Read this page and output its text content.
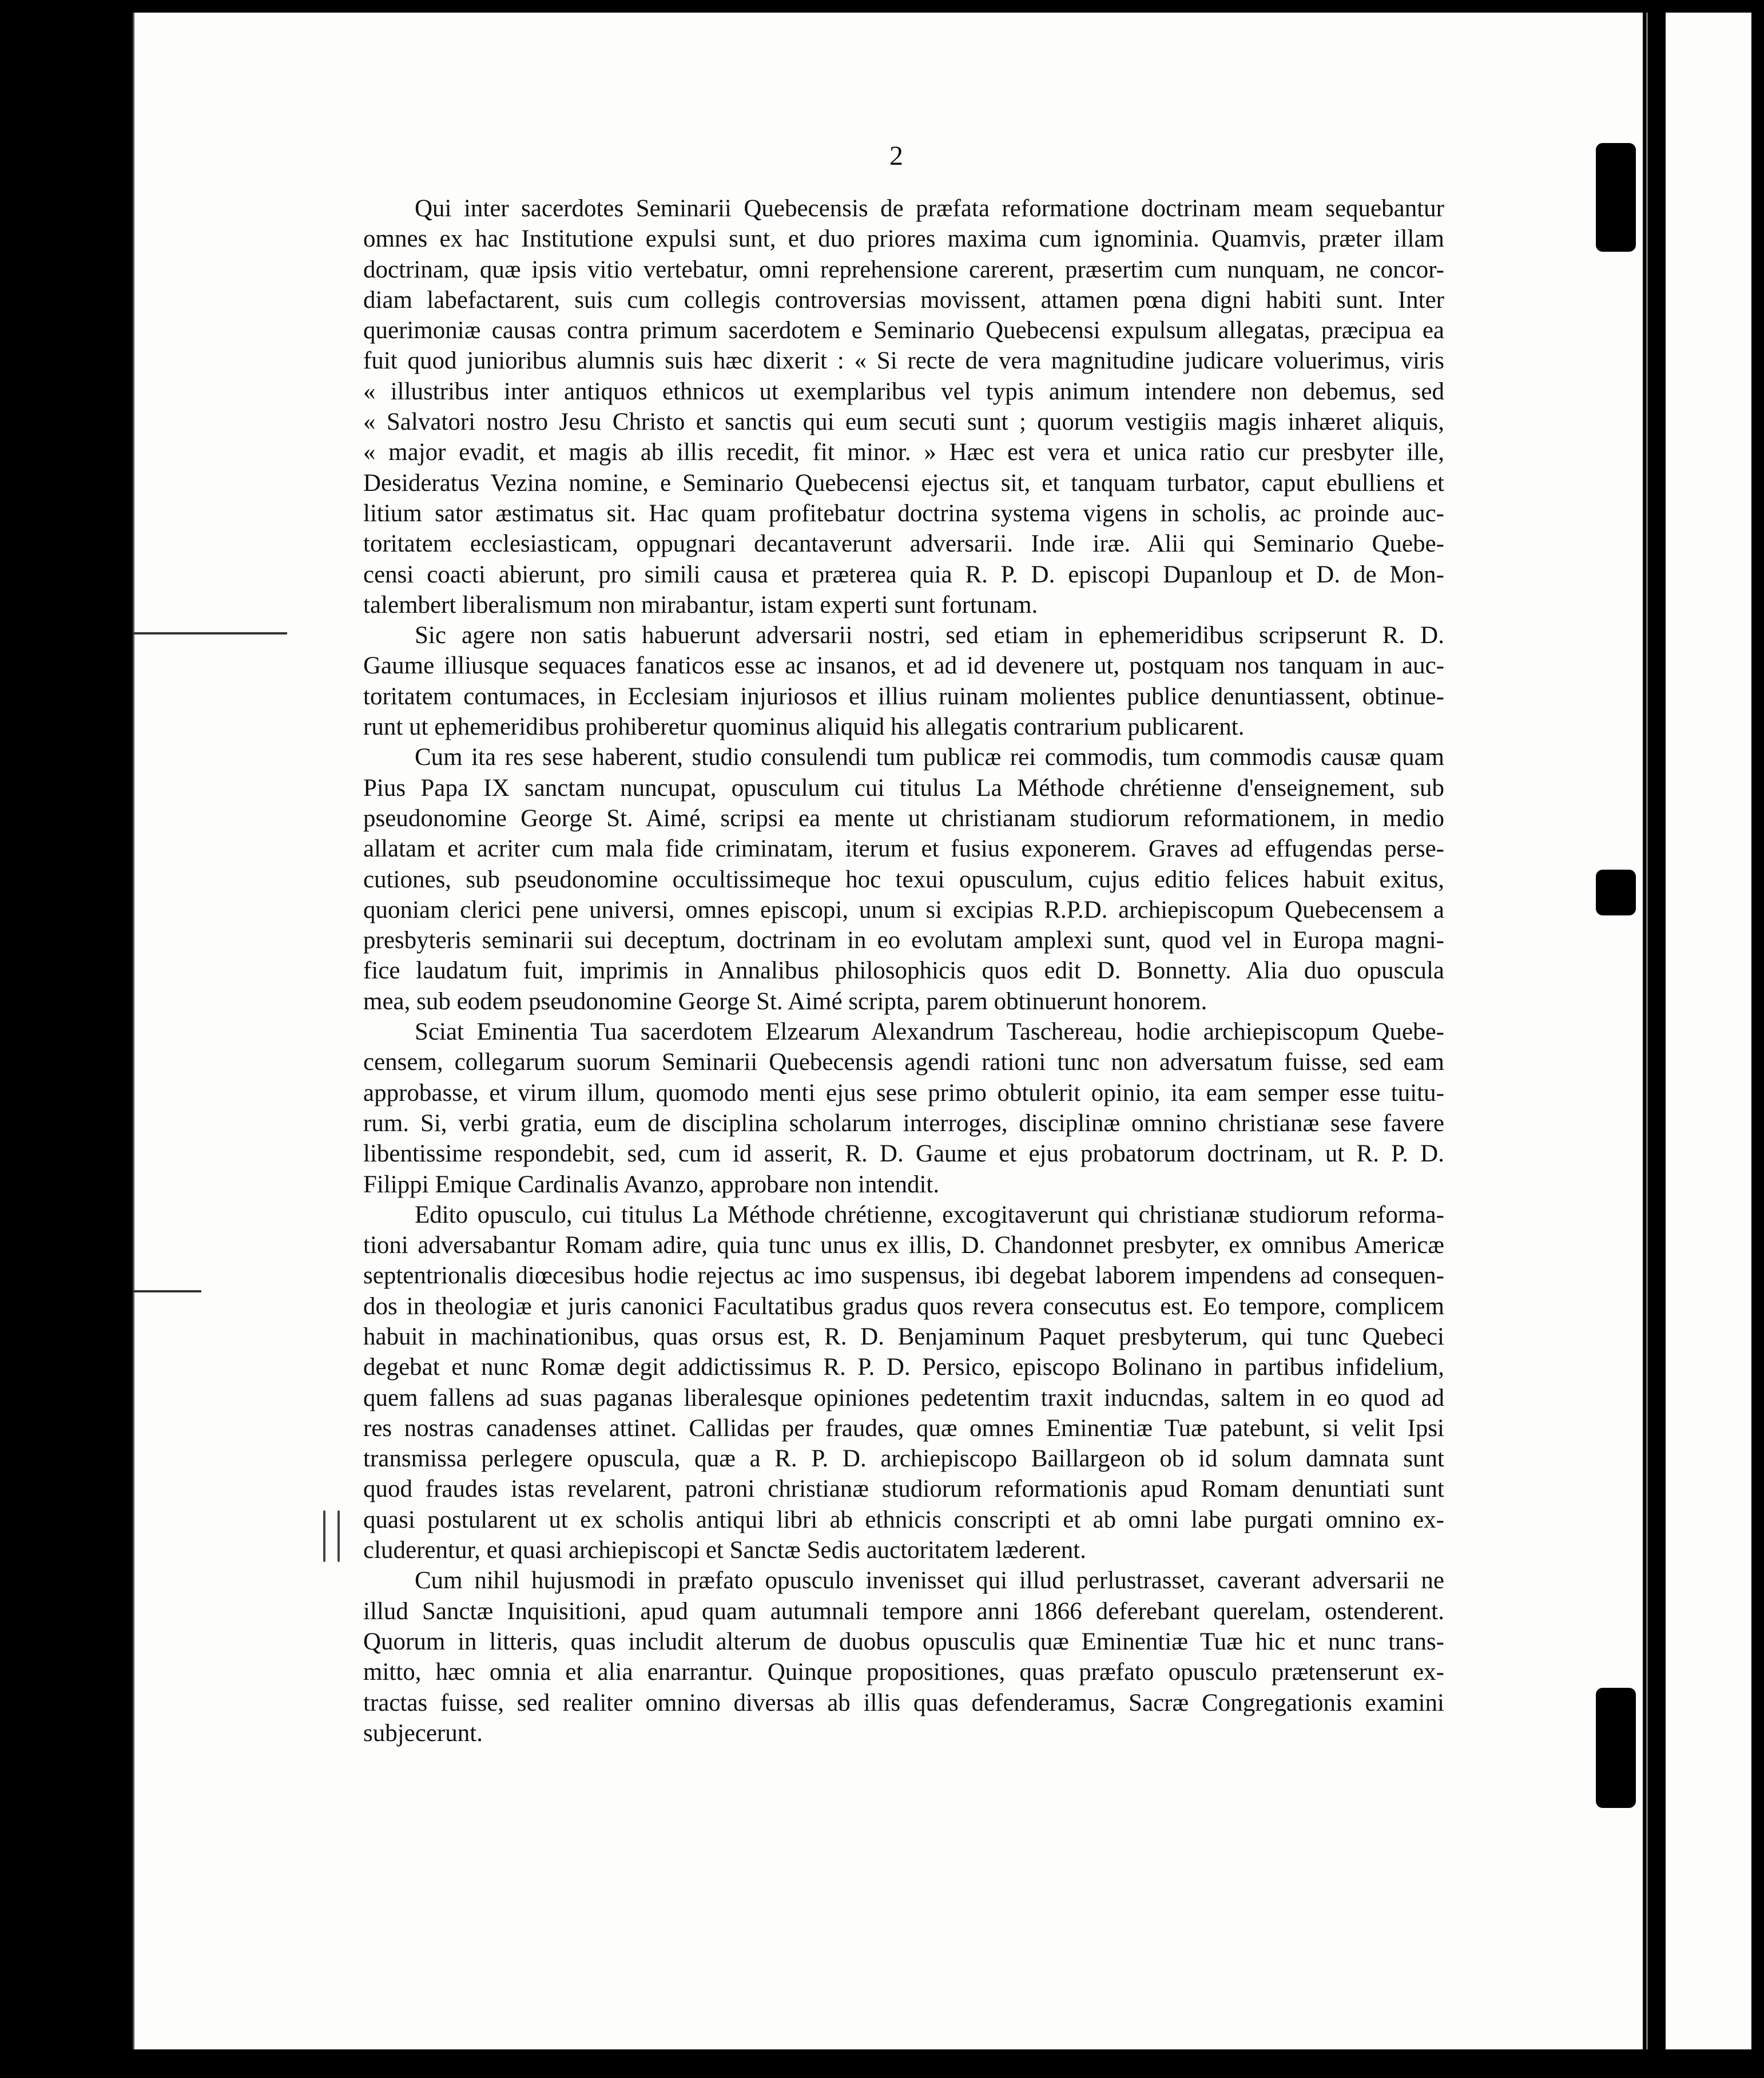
2
Qui inter sacerdotes Seminarii Quebecensis de præfata reformatione doctrinam meam sequebantur
omnes ex hac Institutione expulsi sunt, et duo priores maxima cum ignominia. Quamvis, præter illam
doctrinam, quæ ipsis vitio vertebatur, omni reprehensione carerent, præsertim cum nunquam, ne concor-
diam labefactarent, suis cum collegis controversias movissent, attamen pœna digni habiti sunt. Inter
querimoniæ causas contra primum sacerdotem e Seminario Quebecensi expulsum allegatas, præcipua ea
fuit quod junioribus alumnis suis hæc dixerit : « Si recte de vera magnitudine judicare voluerimus, viris
« illustribus inter antiquos ethnicos ut exemplaribus vel typis animum intendere non debemus, sed
« Salvatori nostro Jesu Christo et sanctis qui eum secuti sunt ; quorum vestigiis magis inhæret aliquis,
« major evadit, et magis ab illis recedit, fit minor. » Hæc est vera et unica ratio cur presbyter ille,
Desideratus Vezina nomine, e Seminario Quebecensi ejectus sit, et tanquam turbator, caput ebulliens et
litium sator æstimatus sit. Hac quam profitebatur doctrina systema vigens in scholis, ac proinde auc-
toritatem ecclesiasticam, oppugnari decantaverunt adversarii. Inde iræ. Alii qui Seminario Quebe-
censi coacti abierunt, pro simili causa et præterea quia R. P. D. episcopi Dupanloup et D. de Mon-
talembert liberalismum non mirabantur, istam experti sunt fortunam.
Sic agere non satis habuerunt adversarii nostri, sed etiam in ephemeridibus scripserunt R. D.
Gaume illiusque sequaces fanaticos esse ac insanos, et ad id devenere ut, postquam nos tanquam in auc-
toritatem contumaces, in Ecclesiam injuriosos et illius ruinam molientes publice denuntiassent, obtinue-
runt ut ephemeridibus prohiberetur quominus aliquid his allegatis contrarium publicarent.
Cum ita res sese haberent, studio consulendi tum publicæ rei commodis, tum commodis causæ quam
Pius Papa IX sanctam nuncupat, opusculum cui titulus La Méthode chrétienne d'enseignement, sub
pseudonomine George St. Aimé, scripsi ea mente ut christianam studiorum reformationem, in medio
allatam et acriter cum mala fide criminatam, iterum et fusius exponerem. Graves ad effugendas perse-
cutiones, sub pseudonomine occultissimeque hoc texui opusculum, cujus editio felices habuit exitus,
quoniam clerici pene universi, omnes episcopi, unum si excipias R.P.D. archiepiscopum Quebecensem a
presbyteris seminarii sui deceptum, doctrinam in eo evolutam amplexi sunt, quod vel in Europa magni-
fice laudatum fuit, imprimis in Annalibus philosophicis quos edit D. Bonnetty. Alia duo opuscula
mea, sub eodem pseudonomine George St. Aimé scripta, parem obtinuerunt honorem.
Sciat Eminentia Tua sacerdotem Elzearum Alexandrum Taschereau, hodie archiepiscopum Quebe-
censem, collegarum suorum Seminarii Quebecensis agendi rationi tunc non adversatum fuisse, sed eam
approbasse, et virum illum, quomodo menti ejus sese primo obtulerit opinio, ita eam semper esse tuitu-
rum. Si, verbi gratia, eum de disciplina scholarum interroges, disciplinæ omnino christianæ sese favere
libentissime respondebit, sed, cum id asserit, R. D. Gaume et ejus probatorum doctrinam, ut R. P. D.
Filippi Emique Cardinalis Avanzo, approbare non intendit.
Edito opusculo, cui titulus La Méthode chrétienne, excogitaverunt qui christianæ studiorum reforma-
tioni adversabantur Romam adire, quia tunc unus ex illis, D. Chandonnet presbyter, ex omnibus Americæ
septentrionalis diœcesibus hodie rejectus ac imo suspensus, ibi degebat laborem impendens ad consequen-
dos in theologiæ et juris canonici Facultatibus gradus quos revera consecutus est. Eo tempore, complicem
habuit in machinationibus, quas orsus est, R. D. Benjaminum Paquet presbyterum, qui tunc Quebeci
degebat et nunc Romæ degit addictissimus R. P. D. Persico, episcopo Bolinano in partibus infidelium,
quem fallens ad suas paganas liberalesque opiniones pedetentim traxit inducndas, saltem in eo quod ad
res nostras canadenses attinet. Callidas per fraudes, quæ omnes Eminentiæ Tuæ patebunt, si velit Ipsi
transmissa perlegere opuscula, quæ a R. P. D. archiepiscopo Baillargeon ob id solum damnata sunt
quod fraudes istas revelarent, patroni christianæ studiorum reformationis apud Romam denuntiati sunt
quasi postularent ut ex scholis antiqui libri ab ethnicis conscripti et ab omni labe purgati omnino ex-
cluderentur, et quasi archiepiscopi et Sanctæ Sedis auctoritatem læderent.
Cum nihil hujusmodi in præfato opusculo invenisset qui illud perlustrasset, caverant adversarii ne
illud Sanctæ Inquisitioni, apud quam autumnali tempore anni 1866 deferebant querelam, ostenderent.
Quorum in litteris, quas includit alterum de duobus opusculis quæ Eminentiæ Tuæ hic et nunc trans-
mitto, hæc omnia et alia enarrantur. Quinque propositiones, quas præfato opusculo prætenserunt ex-
tractas fuisse, sed realiter omnino diversas ab illis quas defenderamus, Sacræ Congregationis examini
subjecerunt.
